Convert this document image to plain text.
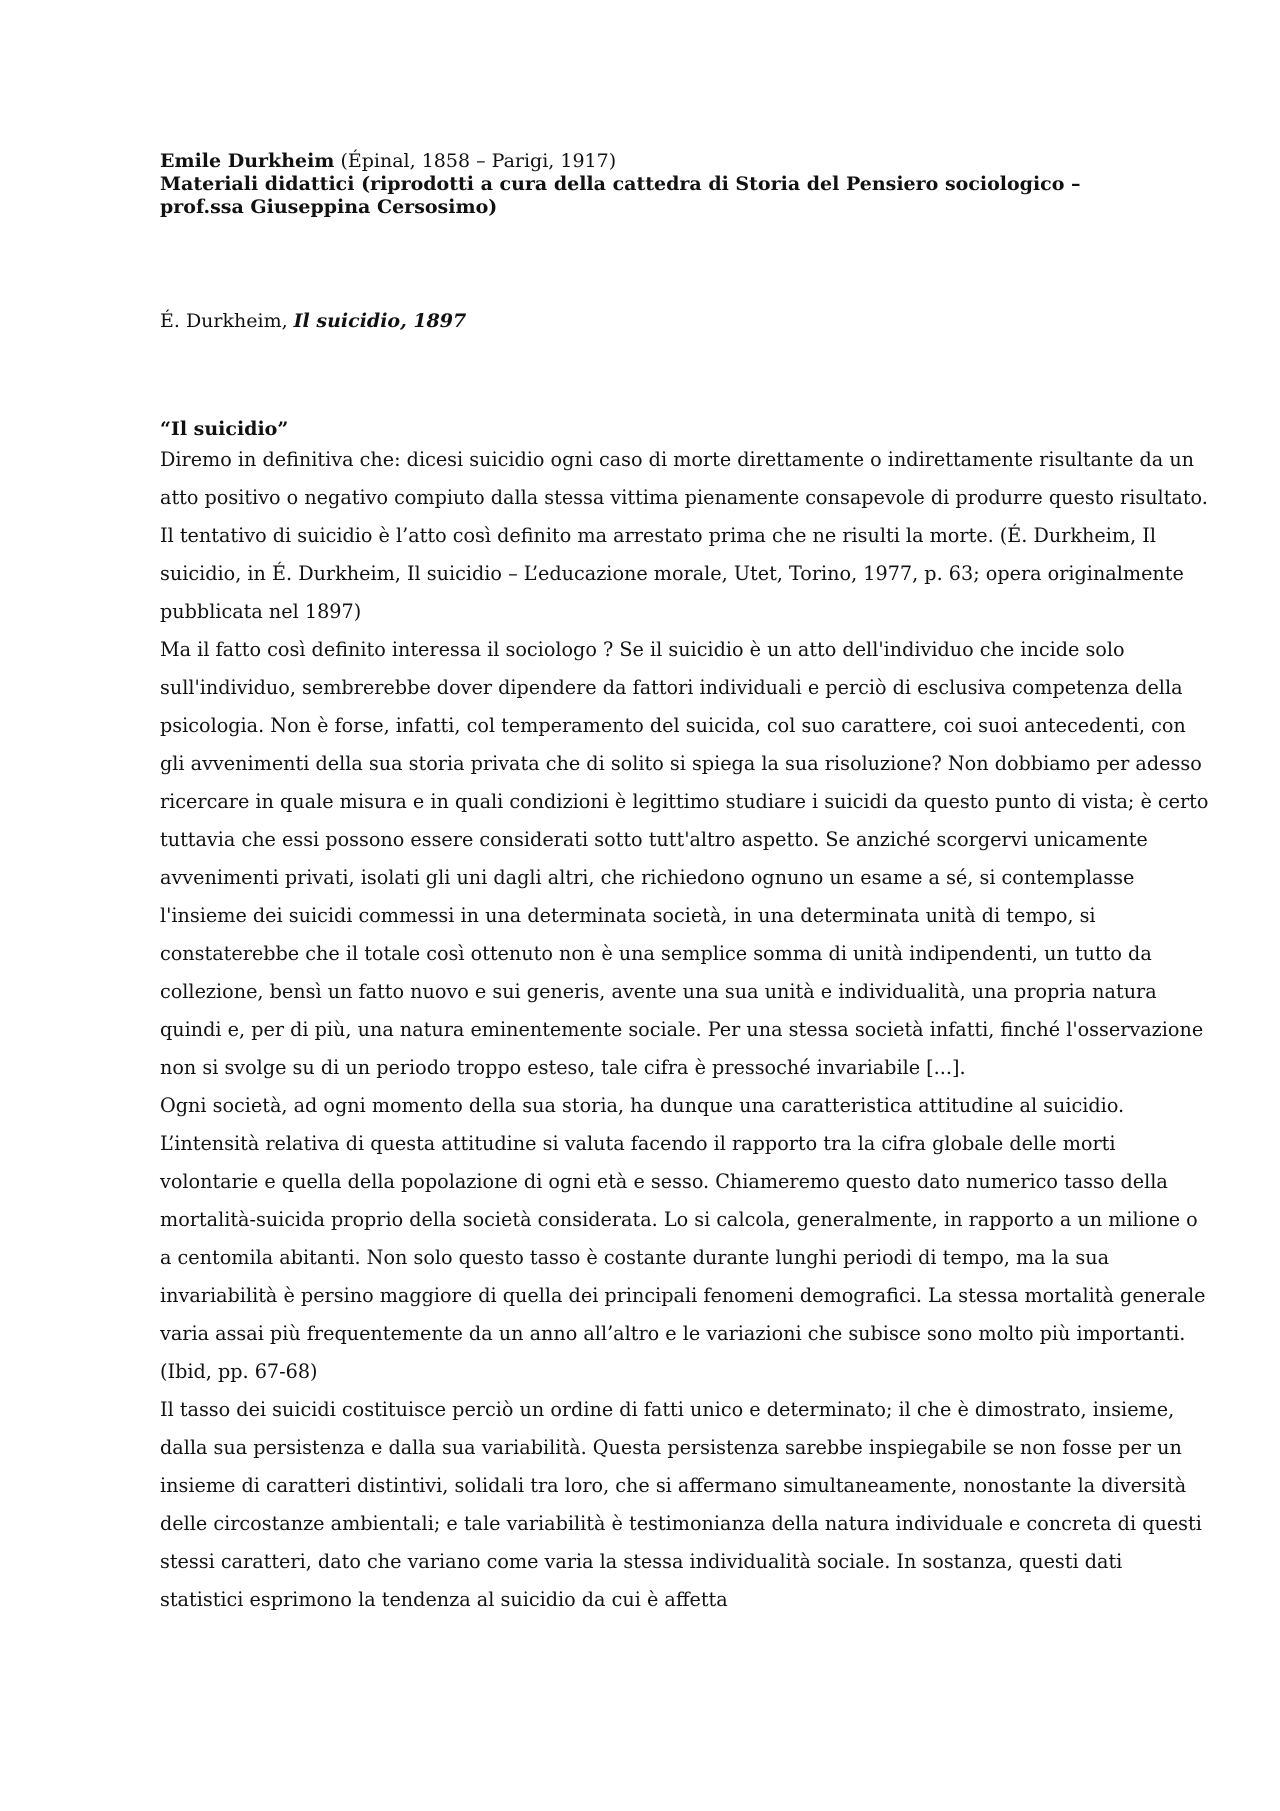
Emile Durkheim (Épinal, 1858 – Parigi, 1917)

Materiali didattici (riprodotti a cura della cattedra di Storia del Pensiero sociologico –

prof.ssa Giuseppina Cersosimo)

É. Durkheim, Il suicidio, 1897

“Il suicidio”

Diremo in definitiva che: dicesi suicidio ogni caso di morte direttamente o indirettamente risultante da un atto positivo o negativo compiuto dalla stessa vittima pienamente consapevole di produrre questo risultato. Il tentativo di suicidio è l’atto così definito ma arrestato prima che ne risulti la morte. (É. Durkheim, Il suicidio, in É. Durkheim, Il suicidio – L’educazione morale, Utet, Torino, 1977, p. 63; opera originalmente pubblicata nel 1897)

Ma il fatto così definito interessa il sociologo ? Se il suicidio è un atto dell'individuo che incide solo sull'individuo, sembrerebbe dover dipendere da fattori individuali e perciò di esclusiva competenza della psicologia. Non è forse, infatti, col temperamento del suicida, col suo carattere, coi suoi antecedenti, con gli avvenimenti della sua storia privata che di solito si spiega la sua risoluzione? Non dobbiamo per adesso ricercare in quale misura e in quali condizioni è legittimo studiare i suicidi da questo punto di vista; è certo tuttavia che essi possono essere considerati sotto tutt'altro aspetto. Se anziché scorgervi unicamente avvenimenti privati, isolati gli uni dagli altri, che richiedono ognuno un esame a sé, si contemplasse l'insieme dei suicidi commessi in una determinata società, in una determinata unità di tempo, si constaterebbe che il totale così ottenuto non è una semplice somma di unità indipendenti, un tutto da collezione, bensì un fatto nuovo e sui generis, avente una sua unità e individualità, una propria natura quindi e, per di più, una natura eminentemente sociale. Per una stessa società infatti, finché l'osservazione non si svolge su di un periodo troppo esteso, tale cifra è pressoché invariabile [...].

Ogni società, ad ogni momento della sua storia, ha dunque una caratteristica attitudine al suicidio. L’intensità relativa di questa attitudine si valuta facendo il rapporto tra la cifra globale delle morti volontarie e quella della popolazione di ogni età e sesso. Chiameremo questo dato numerico tasso della mortalità-suicida proprio della società considerata. Lo si calcola, generalmente, in rapporto a un milione o a centomila abitanti. Non solo questo tasso è costante durante lunghi periodi di tempo, ma la sua invariabilità è persino maggiore di quella dei principali fenomeni demografici. La stessa mortalità generale varia assai più frequentemente da un anno all’altro e le variazioni che subisce sono molto più importanti. (Ibid, pp. 67-68)

Il tasso dei suicidi costituisce perciò un ordine di fatti unico e determinato; il che è dimostrato, insieme, dalla sua persistenza e dalla sua variabilità. Questa persistenza sarebbe inspiegabile se non fosse per un insieme di caratteri distintivi, solidali tra loro, che si affermano simultaneamente, nonostante la diversità delle circostanze ambientali; e tale variabilità è testimonianza della natura individuale e concreta di questi stessi caratteri, dato che variano come varia la stessa individualità sociale. In sostanza, questi dati statistici esprimono la tendenza al suicidio da cui è affetta
